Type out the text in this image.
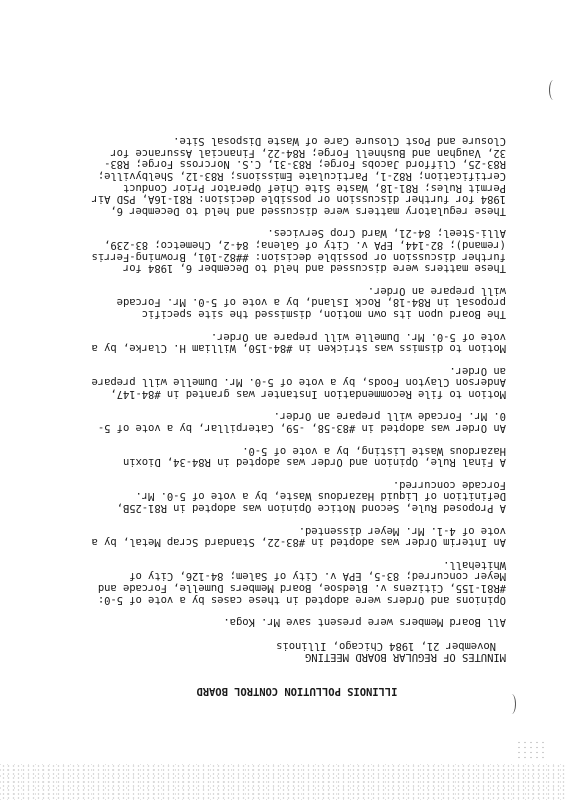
ILLINOIS POLLUTION CONTROL BOARD
MINUTES OF REGULAR BOARD MEETING
November 21, 1984 Chicago, Illinois

All Board Members were present save Mr. Koga.

Opinions and Orders were adopted in these cases by a vote of 5-0: #R81-155, Citizens v. Bledsoe, Board Members Dumelle, Forcade and Meyer concurred; 83-5, EPA v. City of Salem; 84-126, City of Whitehall.

An Interim Order was adopted in #83-22, Standard Scrap Metal, by a vote of 4-1. Mr. Meyer dissented.

A Proposed Rule, Second Notice Opinion was adopted in R81-25B, Definition of Liquid Hazardous Waste, by a vote of 5-0. Mr. Forcade concurred.

A Final Rule, Opinion and Order was adopted in R84-34, Dioxin Hazardous Waste Listing, by a vote of 5-0.

An Order was adopted in #83-58, -59, Caterpillar, by a vote of 5-0. Mr. Forcade will prepare an Order.

Motion to file Recommendation Instanter was granted in #84-147, Anderson Clayton Foods, by a vote of 5-0. Mr. Dumelle will prepare an Order.

Motion to dismiss was stricken in #84-150, William H. Clarke, by a vote of 5-0. Mr. Dumelle will prepare an Order.

The Board upon its own motion, dismissed the site specific proposal in R84-18, Rock Island, by a vote of 5-0. Mr. Forcade will prepare an Order.

These matters were discussed and held to December 6, 1984 for further discussion or possible decision: ##82-101, Browning-Ferris (remand); 82-144, EPA v. City of Galena; 84-2, Chemetco; 83-239, Alli-Steel; 84-21, Ward Crop Services.

These regulatory matters were discussed and held to December 6, 1984 for further discussion or possible decision: R81-16A, PSD Air Permit Rules; R81-18, Waste Site Chief Operator Prior Conduct Certification; R82-1, Particulate Emissions; R83-12, Shelbyville; R83-25, Clifford Jacobs Forge; R83-31, C.S. Norcross Forge; R83-32, Vaughan and Bushnell Forge; R84-22, Financial Assurance for Closure and Post Closure Care of Waste Disposal Site.
